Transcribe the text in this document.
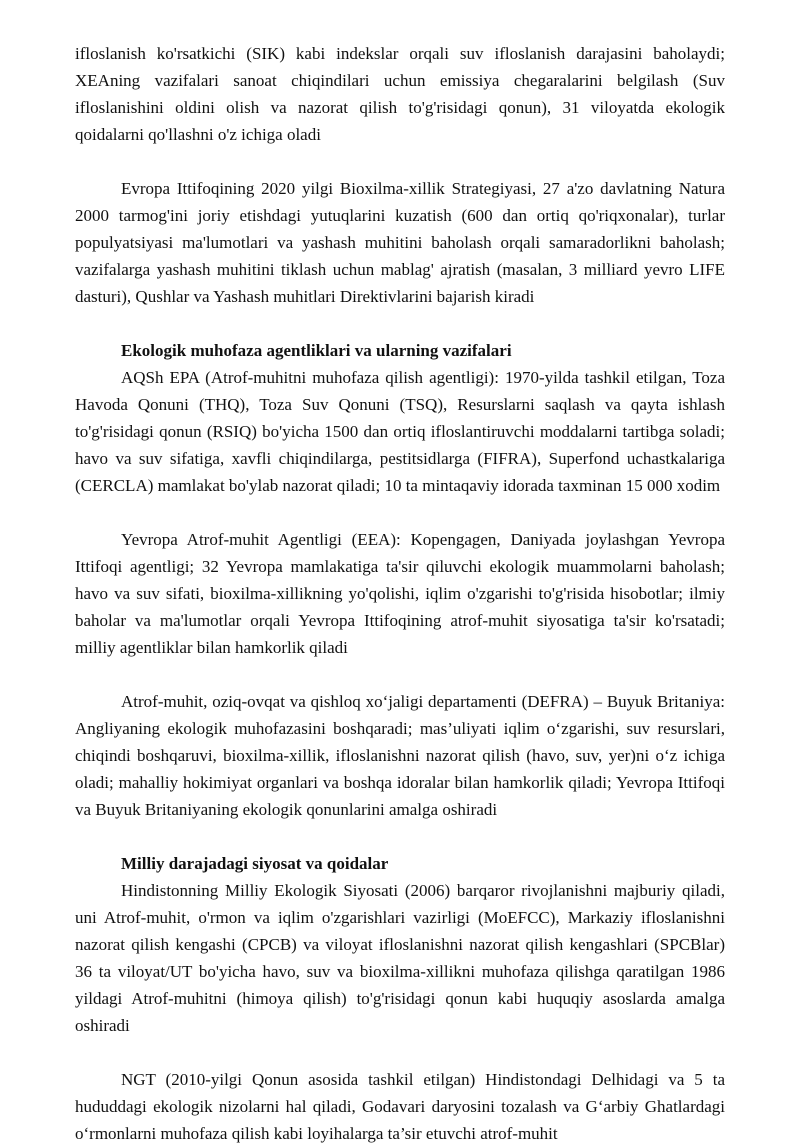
ifloslanish ko'rsatkichi (SIK) kabi indekslar orqali suv ifloslanish darajasini baholaydi; XEAning vazifalari sanoat chiqindilari uchun emissiya chegaralarini belgilash (Suv ifloslanishini oldini olish va nazorat qilish to'g'risidagi qonun), 31 viloyatda ekologik qoidalarni qo'llashni o'z ichiga oladi

Evropa Ittifoqining 2020 yilgi Bioxilma-xillik Strategiyasi, 27 a'zo davlatning Natura 2000 tarmog'ini joriy etishdagi yutuqlarini kuzatish (600 dan ortiq qo'riqxonalar), turlar populyatsiyasi ma'lumotlari va yashash muhitini baholash orqali samaradorlikni baholash; vazifalarga yashash muhitini tiklash uchun mablag' ajratish (masalan, 3 milliard yevro LIFE dasturi), Qushlar va Yashash muhitlari Direktivlarini bajarish kiradi

Ekologik muhofaza agentliklari va ularning vazifalari

AQSh EPA (Atrof-muhitni muhofaza qilish agentligi): 1970-yilda tashkil etilgan, Toza Havoda Qonuni (THQ), Toza Suv Qonuni (TSQ), Resurslarni saqlash va qayta ishlash to'g'risidagi qonun (RSIQ) bo'yicha 1500 dan ortiq ifloslantiruvchi moddalarni tartibga soladi; havo va suv sifatiga, xavfli chiqindilarga, pestitsidlarga (FIFRA), Superfond uchastkalariga (CERCLA) mamlakat bo'ylab nazorat qiladi; 10 ta mintaqaviy idorada taxminan 15 000 xodim

Yevropa Atrof-muhit Agentligi (EEA): Kopengagen, Daniyada joylashgan Yevropa Ittifoqi agentligi; 32 Yevropa mamlakatiga ta'sir qiluvchi ekologik muammolarni baholash; havo va suv sifati, bioxilma-xillikning yo'qolishi, iqlim o'zgarishi to'g'risida hisobotlar; ilmiy baholar va ma'lumotlar orqali Yevropa Ittifoqining atrof-muhit siyosatiga ta'sir ko'rsatadi; milliy agentliklar bilan hamkorlik qiladi

Atrof-muhit, oziq-ovqat va qishloq xo‘jaligi departamenti (DEFRA) – Buyuk Britaniya: Angliyaning ekologik muhofazasini boshqaradi; mas’uliyati iqlim o‘zgarishi, suv resurslari, chiqindi boshqaruvi, bioxilma-xillik, ifloslanishni nazorat qilish (havo, suv, yer)ni o‘z ichiga oladi; mahalliy hokimiyat organlari va boshqa idoralar bilan hamkorlik qiladi; Yevropa Ittifoqi va Buyuk Britaniyaning ekologik qonunlarini amalga oshiradi

Milliy darajadagi siyosat va qoidalar

Hindistonning Milliy Ekologik Siyosati (2006) barqaror rivojlanishni majburiy qiladi, uni Atrof-muhit, o'rmon va iqlim o'zgarishlari vazirligi (MoEFCC), Markaziy ifloslanishni nazorat qilish kengashi (CPCB) va viloyat ifloslanishni nazorat qilish kengashlari (SPCBlar) 36 ta viloyat/UT bo'yicha havo, suv va bioxilma-xillikni muhofaza qilishga qaratilgan 1986 yildagi Atrof-muhitni (himoya qilish) to'g'risidagi qonun kabi huquqiy asoslarda amalga oshiradi

NGT (2010-yilgi Qonun asosida tashkil etilgan) Hindistondagi Delhidagi va 5 ta hududdagi ekologik nizolarni hal qiladi, Godavari daryosini tozalash va G‘arbiy Ghatlardagi o‘rmonlarni muhofaza qilish kabi loyihalarga ta’sir etuvchi atrof-muhit
